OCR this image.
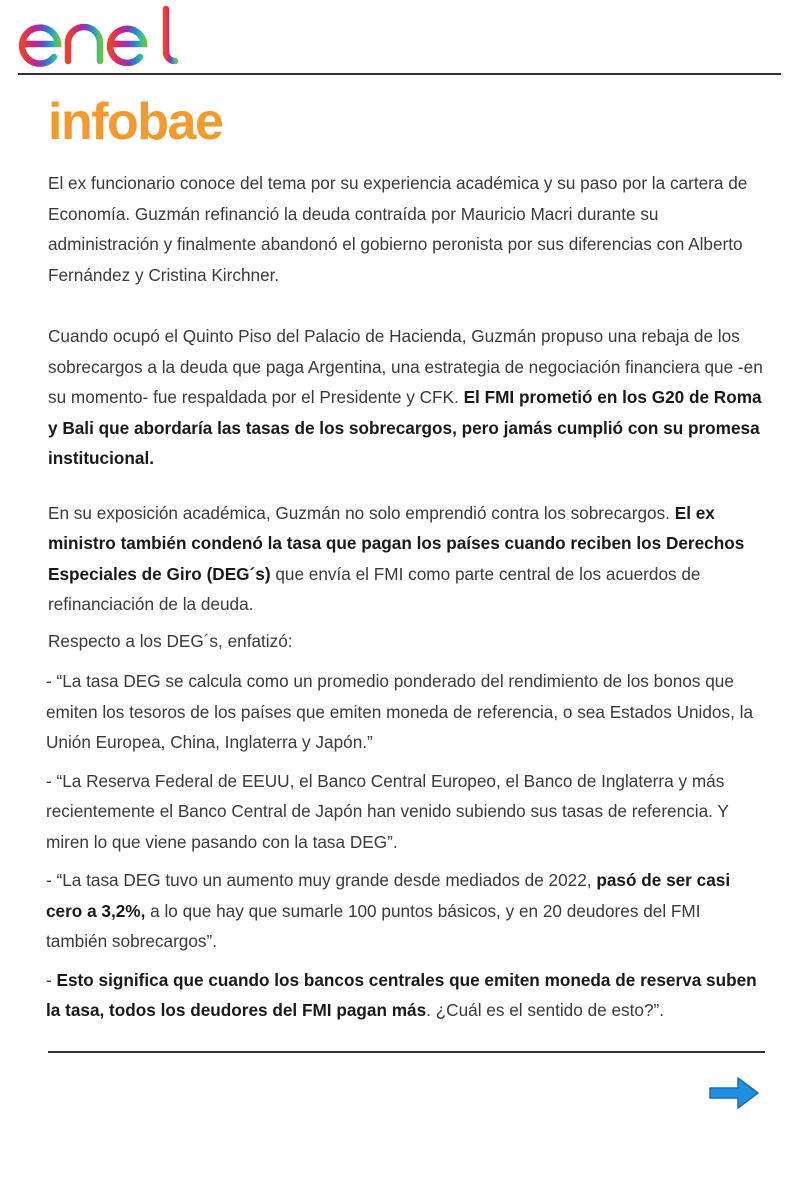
infobae

El ex funcionario conoce del tema por su experiencia académica y su paso por la cartera de Economía. Guzmán refinanció la deuda contraída por Mauricio Macri durante su administración y finalmente abandonó el gobierno peronista por sus diferencias con Alberto Fernández y Cristina Kirchner.

Cuando ocupó el Quinto Piso del Palacio de Hacienda, Guzmán propuso una rebaja de los sobrecargos a la deuda que paga Argentina, una estrategia de negociación financiera que -en su momento- fue respaldada por el Presidente y CFK. El FMI prometió en los G20 de Roma y Bali que abordaría las tasas de los sobrecargos, pero jamás cumplió con su promesa institucional.

En su exposición académica, Guzmán no solo emprendió contra los sobrecargos. El ex ministro también condenó la tasa que pagan los países cuando reciben los Derechos Especiales de Giro (DEG´s) que envía el FMI como parte central de los acuerdos de refinanciación de la deuda.

Respecto a los DEG´s, enfatizó:

- “La tasa DEG se calcula como un promedio ponderado del rendimiento de los bonos que emiten los tesoros de los países que emiten moneda de referencia, o sea Estados Unidos, la Unión Europea, China, Inglaterra y Japón.”

- “La Reserva Federal de EEUU, el Banco Central Europeo, el Banco de Inglaterra y más recientemente el Banco Central de Japón han venido subiendo sus tasas de referencia. Y miren lo que viene pasando con la tasa DEG”.

- “La tasa DEG tuvo un aumento muy grande desde mediados de 2022, pasó de ser casi cero a 3,2%, a lo que hay que sumarle 100 puntos básicos, y en 20 deudores del FMI también sobrecargos”.

- Esto significa que cuando los bancos centrales que emiten moneda de reserva suben la tasa, todos los deudores del FMI pagan más. ¿Cuál es el sentido de esto?”.
